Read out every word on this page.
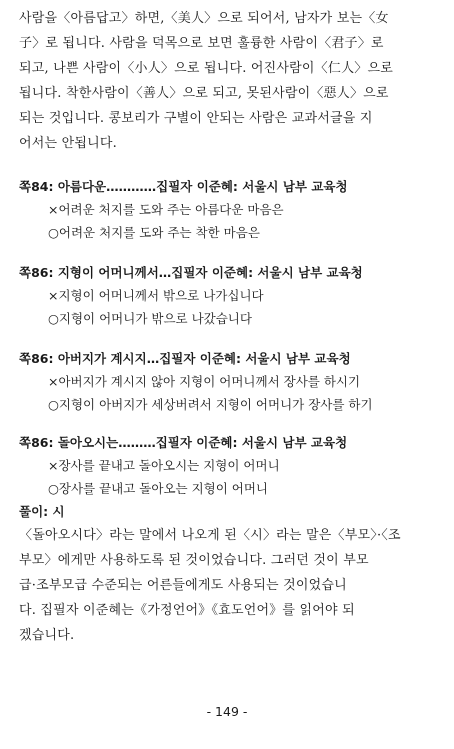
사람을〈아름답고〉하면,〈美人〉으로 되어서, 남자가 보는〈女
子〉로 됩니다. 사람을 덕목으로 보면 훌륭한 사람이〈君子〉로
되고, 나쁜 사람이〈小人〉으로 됩니다. 어진사람이〈仁人〉으로
됩니다. 착한사람이〈善人〉으로 되고, 못된사람이〈惡人〉으로
되는 것입니다. 콩보리가 구별이 안되는 사람은 교과서글을 지
어서는 안됩니다.
쪽84: 아름다운…………집필자 이준혜: 서울시 남부 교육청
×어려운 처지를 도와 주는 아름다운 마음은
○어려운 처지를 도와 주는 착한 마음은
쪽86: 지형이 어머니께서…집필자 이준혜: 서울시 남부 교육청
×지형이 어머니께서 밖으로 나가십니다
○지형이 어머니가 밖으로 나갔습니다
쪽86: 아버지가 계시지…집필자 이준혜: 서울시 남부 교육청
×아버지가 계시지 않아 지형이 어머니께서 장사를 하시기
○지형이 아버지가 세상버려서 지형이 어머니가 장사를 하기
쪽86: 돌아오시는………집필자 이준혜: 서울시 남부 교육청
×장사를 끝내고 돌아오시는 지형이 어머니
○장사를 끝내고 돌아오는 지형이 어머니
풀이: 시
〈돌아오시다〉라는 말에서 나오게 된〈시〉라는 말은〈부모〉·〈조
부모〉에게만 사용하도록 된 것이었습니다. 그러던 것이 부모
급·조부모급 수준되는 어른들에게도 사용되는 것이었습니
다. 집필자 이준혜는《가정언어》《효도언어》를 읽어야 되
겠습니다.
- 149 -
